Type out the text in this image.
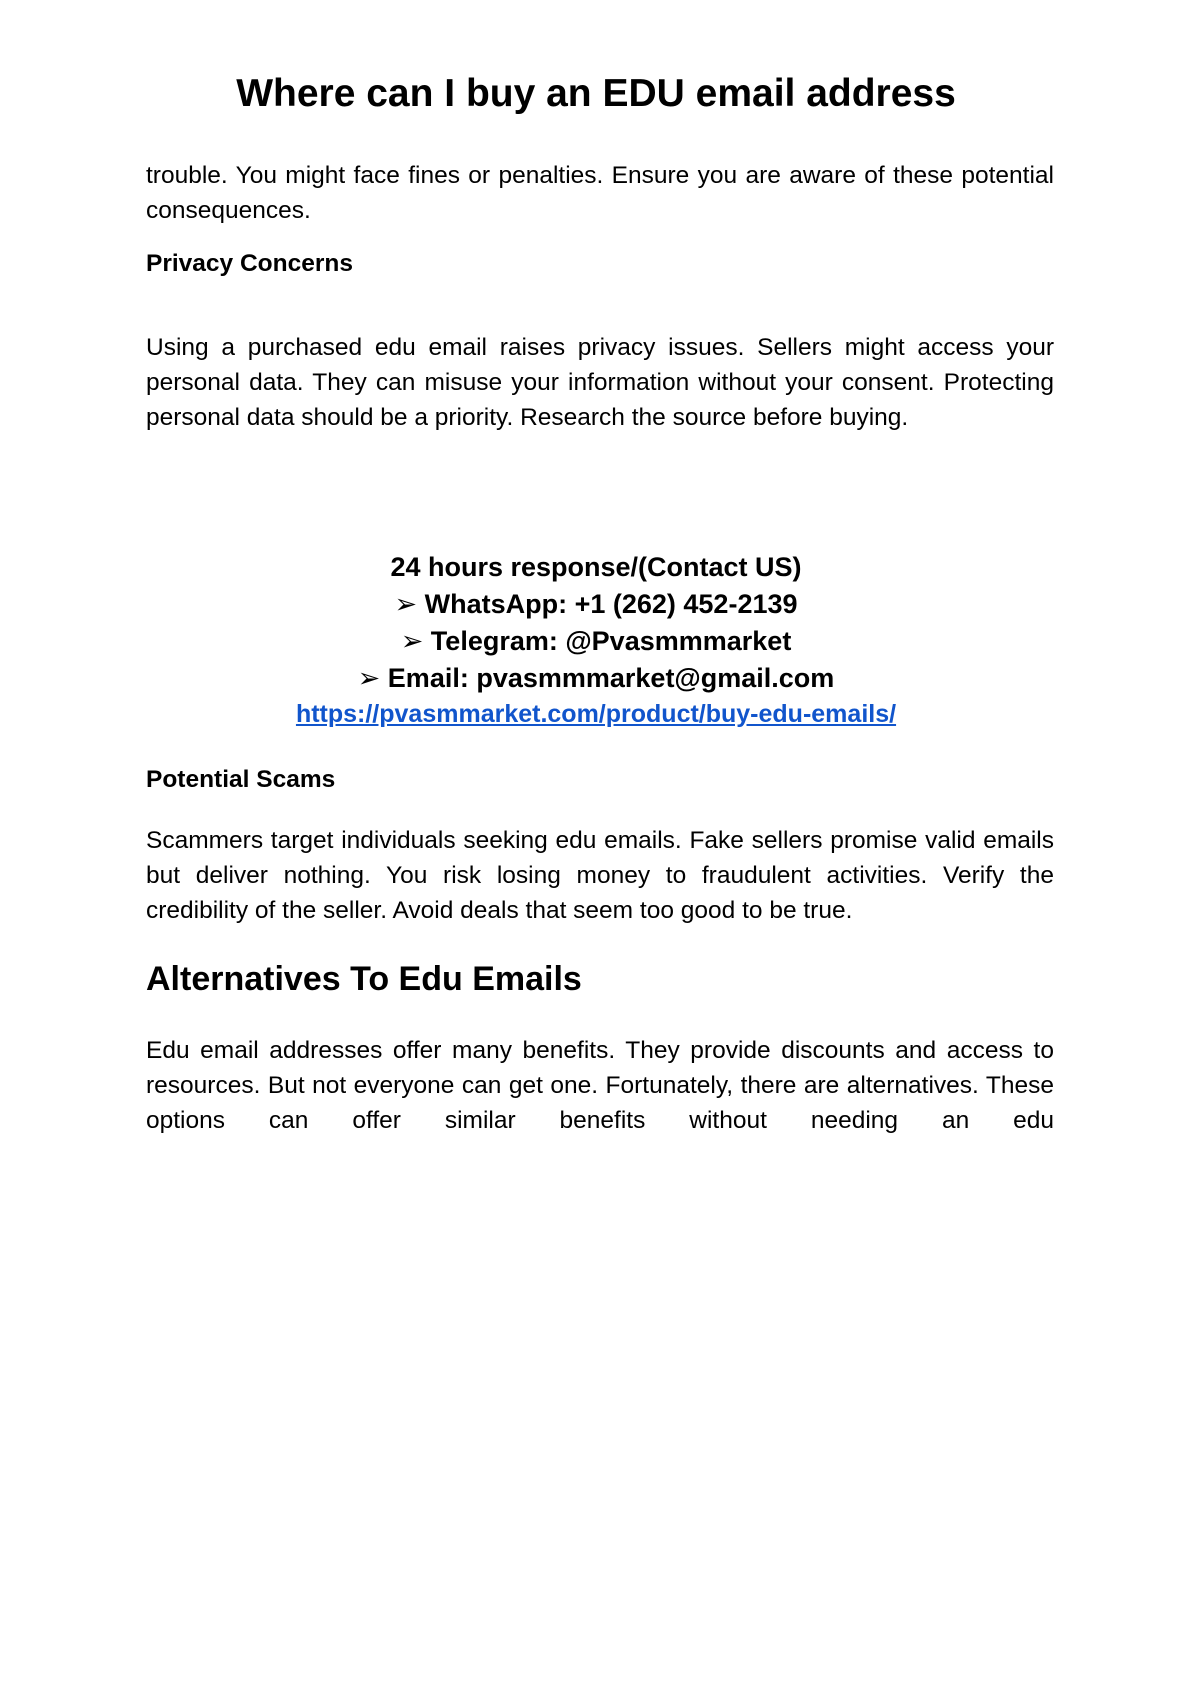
Where can I buy an EDU email address

trouble. You might face fines or penalties. Ensure you are aware of these potential consequences.

Privacy Concerns

Using a purchased edu email raises privacy issues. Sellers might access your personal data. They can misuse your information without your consent. Protecting personal data should be a priority. Research the source before buying.

24 hours response/(Contact US)

➢ WhatsApp: +1 (262) 452-2139

➢ Telegram: @Pvasmmmarket

➢ Email: pvasmmmarket@gmail.com

https://pvasmmarket.com/product/buy-edu-emails/
Potential Scams

Scammers target individuals seeking edu emails. Fake sellers promise valid emails but deliver nothing. You risk losing money to fraudulent activities. Verify the credibility of the seller. Avoid deals that seem too good to be true.

Alternatives To Edu Emails

Edu email addresses offer many benefits. They provide discounts and access to resources. But not everyone can get one. Fortunately, there are alternatives. These options can offer similar benefits without needing an edu
